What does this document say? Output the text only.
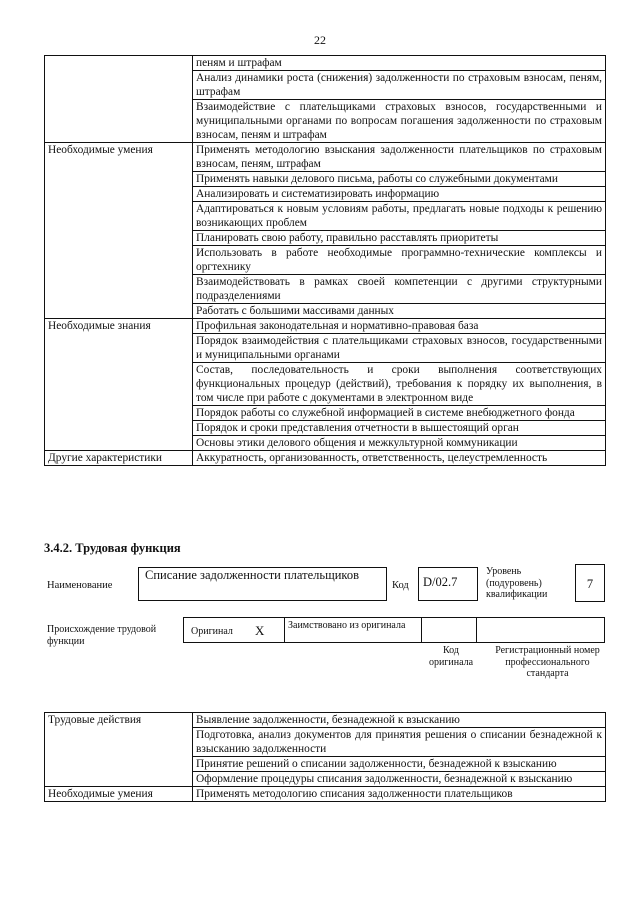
22
	пеням и штрафам
	Анализ динамики роста (снижения) задолженности по страховым взносам, пеням, штрафам
	Взаимодействие с плательщиками страховых взносов, государственными и муниципальными органами по вопросам погашения задолженности по страховым взносам, пеням и штрафам
Необходимые умения	Применять методологию взыскания задолженности плательщиков по страховым взносам, пеням, штрафам
	Применять навыки делового письма, работы со служебными документами
	Анализировать и систематизировать информацию
	Адаптироваться к новым условиям работы, предлагать новые подходы к решению возникающих проблем
	Планировать свою работу, правильно расставлять приоритеты
	Использовать в работе необходимые программно-технические комплексы и оргтехнику
	Взаимодействовать в рамках своей компетенции с другими структурными подразделениями
	Работать с большими массивами данных
Необходимые знания	Профильная законодательная и нормативно-правовая база
	Порядок взаимодействия с плательщиками страховых взносов, государственными и муниципальными органами
	Состав, последовательность и сроки выполнения соответствующих функциональных процедур (действий), требования к порядку их выполнения, в том числе при работе с документами в электронном виде
	Порядок работы со служебной информацией в системе внебюджетного фонда
	Порядок и сроки представления отчетности в вышестоящий орган
	Основы этики делового общения и межкультурной коммуникации
Другие характеристики	Аккуратность, организованность, ответственность, целеустремленность
3.4.2. Трудовая функция
Наименование
Списание задолженности плательщиков
Код	D/02.7
Уровень (подуровень) квалификации
7
Происхождение трудовой функции
Оригинал X Заимствовано из оригинала
Код оригинала
Регистрационный номер профессионального стандарта
Трудовые действия	Выявление задолженности, безнадежной к взысканию
	Подготовка, анализ документов для принятия решения о списании безнадежной к взысканию задолженности
	Принятие решений о списании задолженности, безнадежной к взысканию
	Оформление процедуры списания задолженности, безнадежной к взысканию
Необходимые умения	Применять методологию списания задолженности плательщиков
